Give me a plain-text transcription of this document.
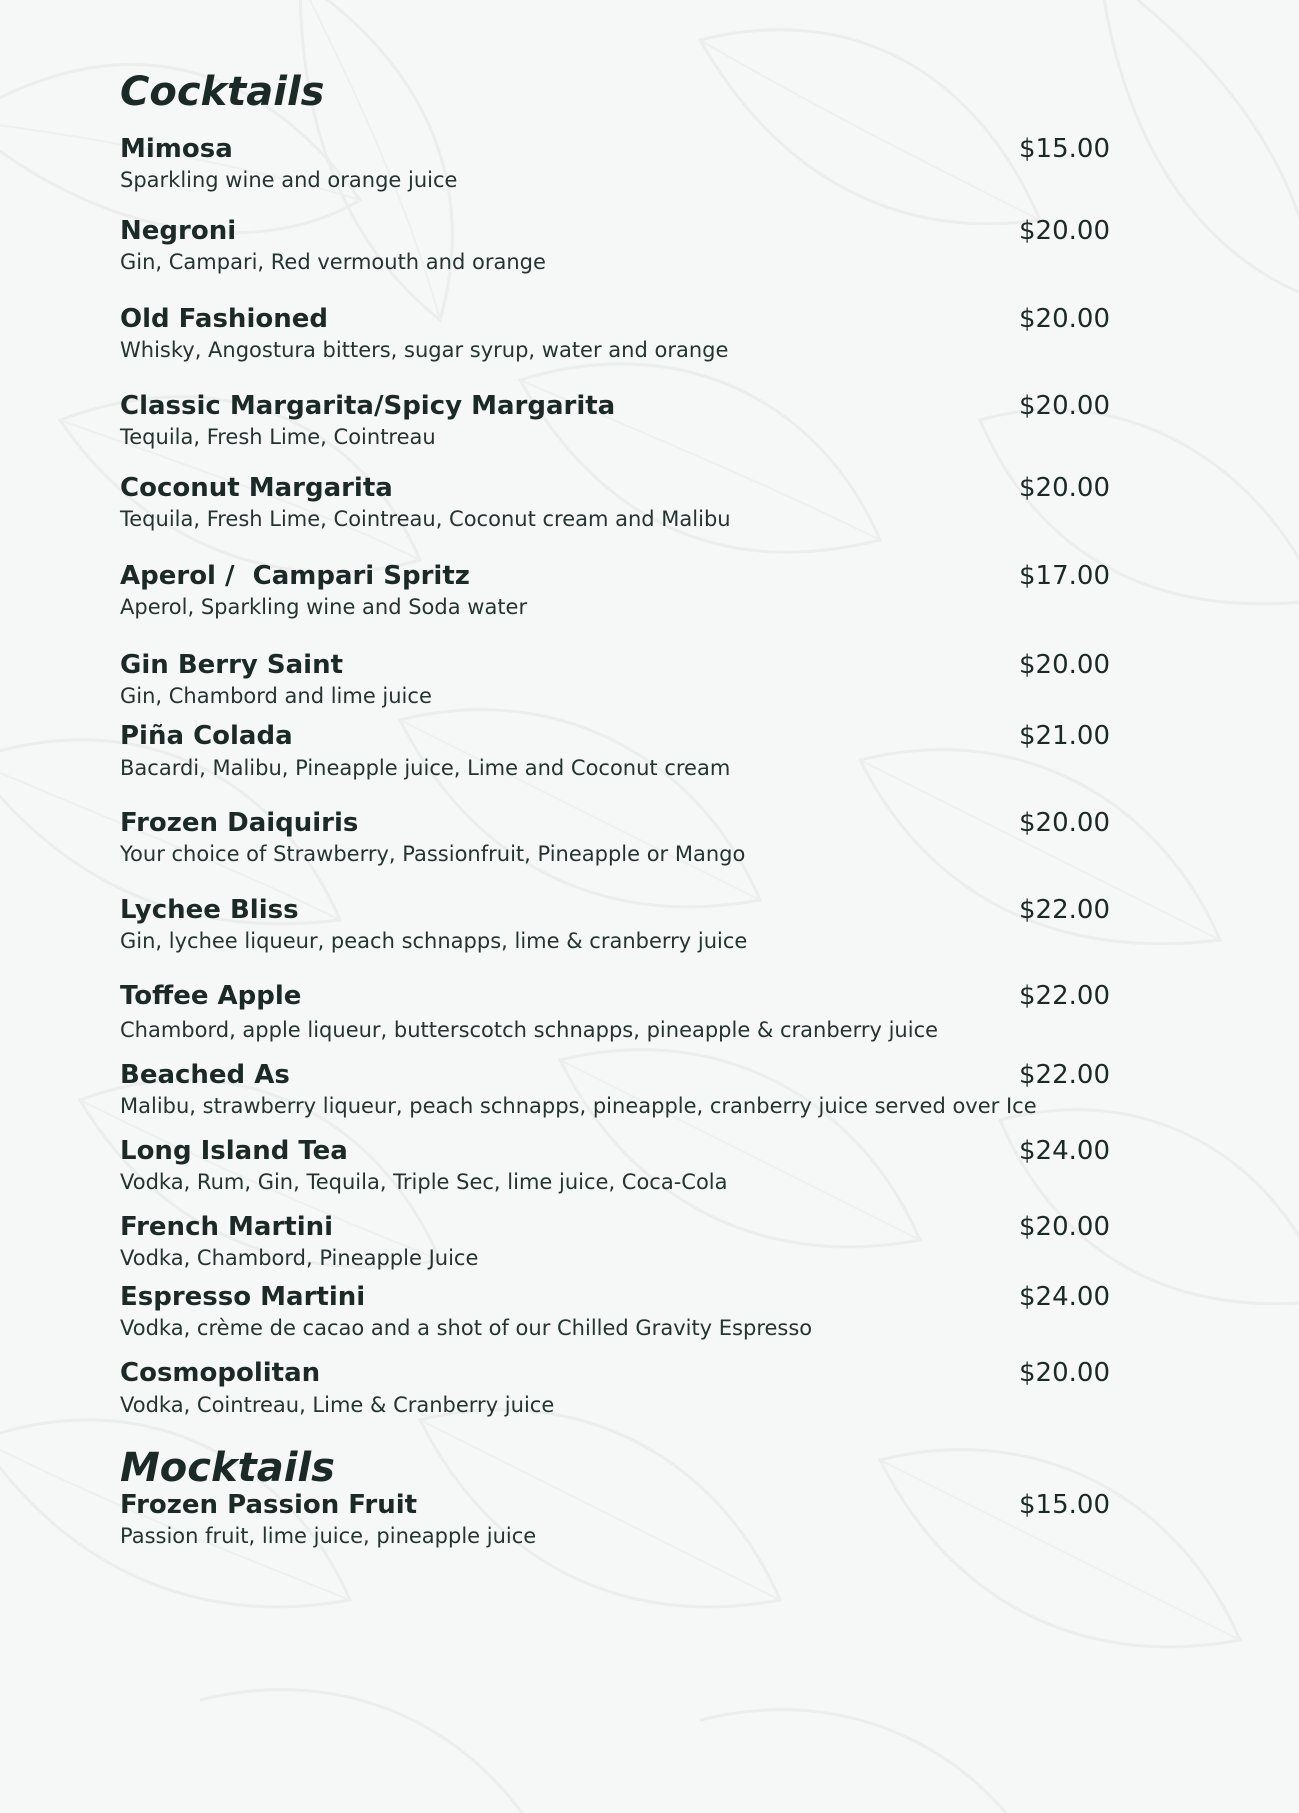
Cocktails
Mimosa	$15.00
Sparkling wine and orange juice
Negroni	$20.00
Gin, Campari, Red vermouth and orange
Old Fashioned	$20.00
Whisky, Angostura bitters, sugar syrup, water and orange
Classic Margarita/Spicy Margarita	$20.00
Tequila, Fresh Lime, Cointreau
Coconut Margarita	$20.00
Tequila, Fresh Lime, Cointreau, Coconut cream and Malibu
Aperol /  Campari Spritz	$17.00
Aperol, Sparkling wine and Soda water
Gin Berry Saint	$20.00
Gin, Chambord and lime juice
Piña Colada	$21.00
Bacardi, Malibu, Pineapple juice, Lime and Coconut cream
Frozen Daiquiris	$20.00
Your choice of Strawberry, Passionfruit, Pineapple or Mango
Lychee Bliss	$22.00
Gin, lychee liqueur, peach schnapps, lime & cranberry juice
Toffee Apple	$22.00
Chambord, apple liqueur, butterscotch schnapps, pineapple & cranberry juice
Beached As	$22.00
Malibu, strawberry liqueur, peach schnapps, pineapple, cranberry juice served over Ice
Long Island Tea	$24.00
Vodka, Rum, Gin, Tequila, Triple Sec, lime juice, Coca-Cola
French Martini	$20.00
Vodka, Chambord, Pineapple Juice
Espresso Martini	$24.00
Vodka, crème de cacao and a shot of our Chilled Gravity Espresso
Cosmopolitan	$20.00
Vodka, Cointreau, Lime & Cranberry juice
Mocktails
Frozen Passion Fruit	$15.00
Passion fruit, lime juice, pineapple juice
